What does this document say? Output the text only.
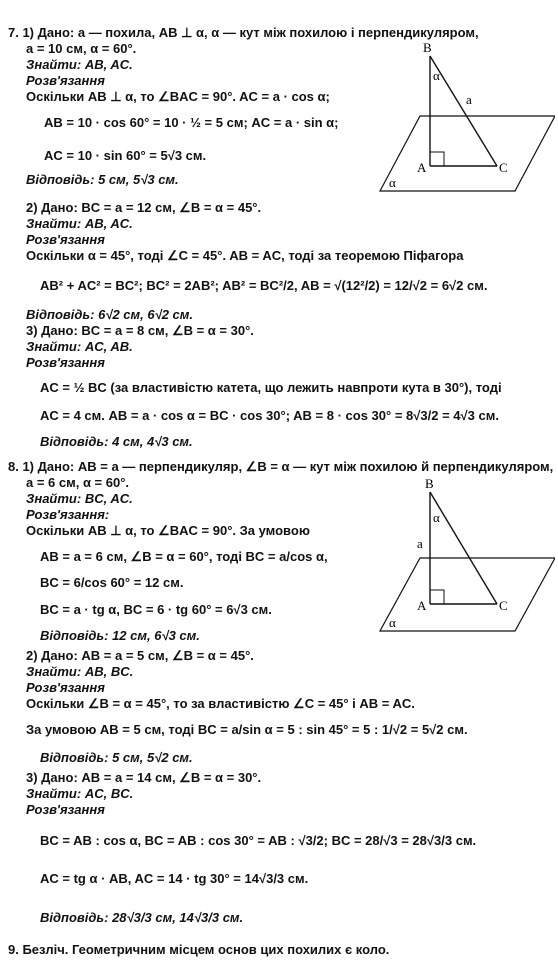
7. 1) Дано: a — похила, AB ⊥ α, α — кут між похилою і перпендикуляром,
a = 10 см, α = 60°.
Знайти: AB, AC.
Розв'язання
Оскільки AB ⊥ α, то ∠BAC = 90°. AC = a · cos α;
AB = 10 · cos 60° = 10 · ½ = 5 см; AC = a · sin α;
AC = 10 · sin 60° = 5√3 см.
Відповідь: 5 см, 5√3 см.
2) Дано: BC = a = 12 см, ∠B = α = 45°.
Знайти: AB, AC.
Розв'язання
Оскільки α = 45°, тоді ∠C = 45°. AB = AC, тоді за теоремою Піфагора
AB² + AC² = BC²; BC² = 2AB²; AB² = BC²/2, AB = √(12²/2) = 12/√2 = 6√2 см.
Відповідь: 6√2 см, 6√2 см.
3) Дано: BC = a = 8 см, ∠B = α = 30°.
Знайти: AC, AB.
Розв'язання
AC = ½ BC (за властивістю катета, що лежить навпроти кута в 30°), тоді
AC = 4 см. AB = a · cos α = BC · cos 30°; AB = 8 · cos 30° = 8√3/2 = 4√3 см.
Відповідь: 4 см, 4√3 см.
8. 1) Дано: AB = a — перпендикуляр, ∠B = α — кут між похилою й перпендикуляром,
a = 6 см, α = 60°.
Знайти: BC, AC.
Розв'язання:
Оскільки AB ⊥ α, то ∠BAC = 90°. За умовою
AB = a = 6 см, ∠B = α = 60°, тоді BC = a/cos α,
BC = 6/cos 60° = 12 см.
BC = a · tg α, BC = 6 · tg 60° = 6√3 см.
Відповідь: 12 см, 6√3 см.
2) Дано: AB = a = 5 см, ∠B = α = 45°.
Знайти: AB, BC.
Розв'язання
Оскільки ∠B = α = 45°, то за властивістю ∠C = 45° і AB = AC.
За умовою AB = 5 см, тоді BC = a/sin α = 5 : sin 45° = 5 : 1/√2 = 5√2 см.
Відповідь: 5 см, 5√2 см.
3) Дано: AB = a = 14 см, ∠B = α = 30°.
Знайти: AC, BC.
Розв'язання
BC = AB : cos α, BC = AB : cos 30° = AB : √3/2; BC = 28/√3 = 28√3/3 см.
AC = tg α · AB, AC = 14 · tg 30° = 14√3/3 см.
Відповідь: 28√3/3 см, 14√3/3 см.
9. Безліч. Геометричним місцем основ цих похилих є коло.
B
A	C
α
a
α
B
A	C
α
a
α
